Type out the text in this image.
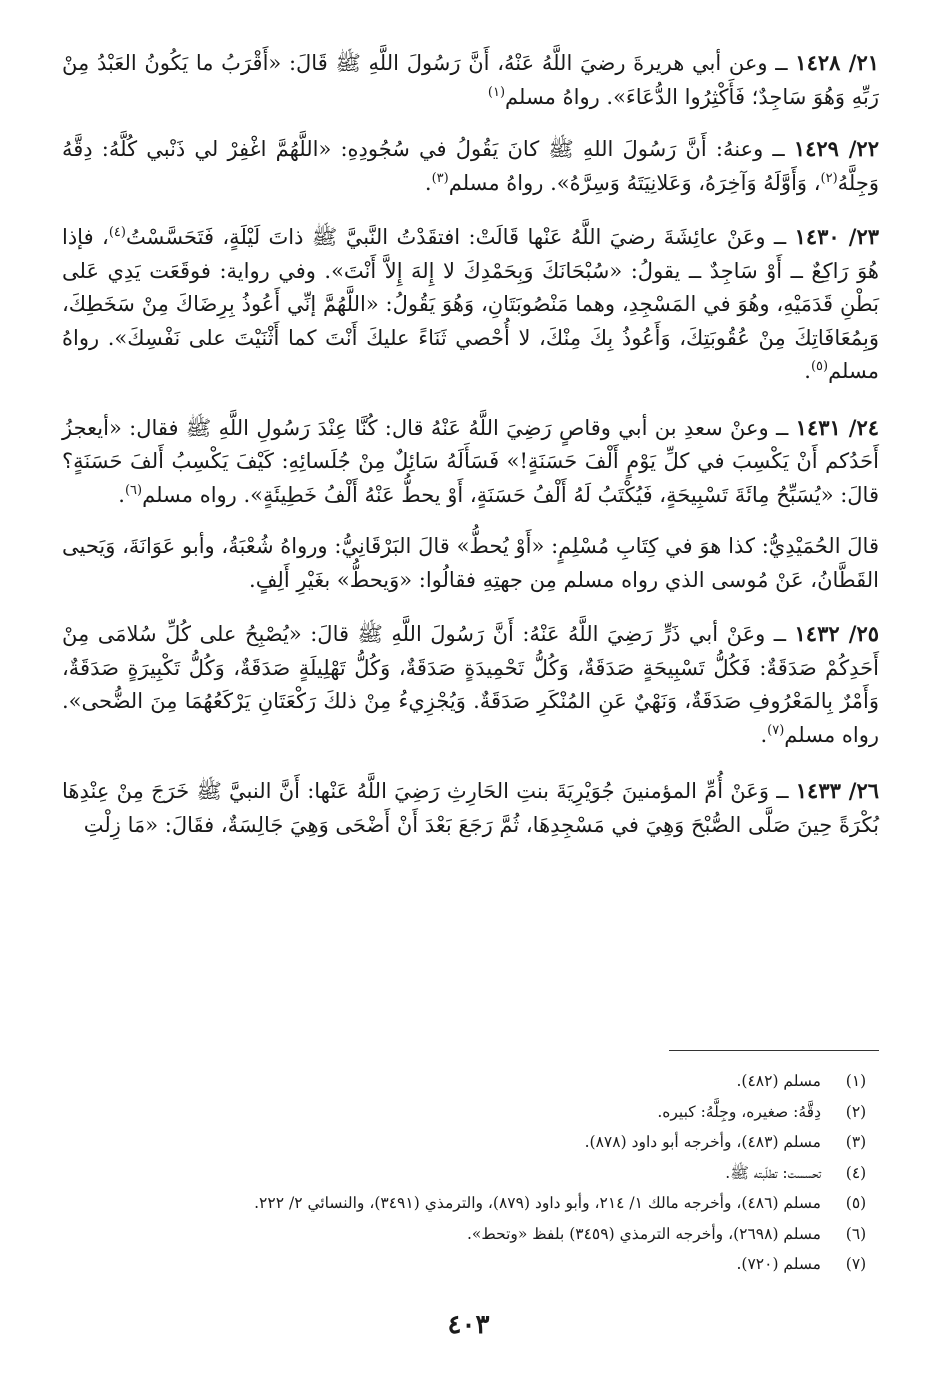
٢١/ ١٤٢٨ ــ وعن أبي هريرةَ رضيَ اللَّهُ عَنْهُ، أَنَّ رَسُولَ اللَّهِ ﷺ قَالَ: «أَقْرَبُ ما يَكُونُ العَبْدُ مِنْ رَبِّهِ وَهُوَ سَاجِدٌ؛ فَأَكْثِرُوا الدُّعَاءَ». رواهُ مسلم$^{(١)}$

٢٢/ ١٤٢٩ ــ وعنهُ: أَنَّ رَسُولَ اللهِ ﷺ كانَ يَقُولُ في سُجُودِهِ: «اللَّهُمَّ اغْفِرْ لي ذَنْبي كُلَّهُ: دِقَّهُ وَجِلَّهُ$^{(٢)}$، وَأَوَّلَهُ وَآخِرَهُ، وَعَلانِيَتَهُ وَسِرَّهُ». رواهُ مسلم$^{(٣)}$.

٢٣/ ١٤٣٠ ــ وعَنْ عائِشَةَ رضيَ اللَّهُ عَنْها قَالَتْ: افتقَدْتُ النَّبيَّ ﷺ ذاتَ لَيْلَةٍ، فَتَحَسَّسْتُ$^{(٤)}$، فإذا هُوَ رَاكِعٌ ــ أَوْ سَاجِدٌ ــ يقولُ: «سُبْحَانَكَ وَبِحَمْدِكَ لا إِلهَ إِلاَّ أَنْتَ». وفي رواية: فوقَعَت يَدِي عَلى بَطْنِ قَدَمَيْهِ، وهُوَ في المَسْجِدِ، وهما مَنْصُوبَتَانِ، وَهُوَ يَقُولُ: «اللَّهُمَّ إنِّي أَعُوذُ بِرِضَاكَ مِنْ سَخَطِكَ، وَبِمُعَافَاتِكَ مِنْ عُقُوبَتِكَ، وَأَعُوذُ بِكَ مِنْكَ، لا أُحْصي ثَنَاءً عليكَ أَنْتَ كما أَثْنَيْتَ على نَفْسِكَ». رواهُ مسلم$^{(٥)}$.

٢٤/ ١٤٣١ ــ وعنْ سعدِ بن أبي وقاصٍ رَضِيَ اللَّهُ عَنْهُ قال: كُنَّا عِنْدَ رَسُولِ اللَّهِ ﷺ فقال: «أيعجزُ أَحَدُكم أَنْ يَكْسِبَ في كلِّ يَوْمٍ أَلْفَ حَسَنَةٍ!» فَسَأَلَهُ سَائِلٌ مِنْ جُلَسائِهِ: كَيْفَ يَكْسِبُ أَلفَ حَسَنَةٍ؟ قالَ: «يُسَبِّحُ مِائَةَ تَسْبِيحَةٍ، فَيُكْتَبُ لَهُ أَلْفُ حَسَنَةٍ، أَوْ يحطُّ عَنْهُ أَلْفُ خَطِيئَةٍ». رواه مسلم$^{(٦)}$.

قالَ الحُمَيْدِيُّ: كذا هوَ في كِتَابِ مُسْلِمٍ: «أَوْ يُحطُّ» قالَ البَرْقَانِيُّ: ورواهُ شُعْبَةُ، وأبو عَوَانَةَ، وَيَحيى القَطَّانُ، عَنْ مُوسى الذي رواه مسلم مِن جهتِهِ فقالُوا: «وَيحطُّ» بغَيْرِ أَلِفٍ.

٢٥/ ١٤٣٢ ــ وعَنْ أبي ذَرٍّ رَضِيَ اللَّهُ عَنْهُ: أَنَّ رَسُولَ اللَّهِ ﷺ قالَ: «يُصْبِحُ على كُلِّ سُلامَى مِنْ أَحَدِكُمْ صَدَقَةٌ: فَكُلُّ تَسْبِيحَةٍ صَدَقَةٌ، وَكُلُّ تَحْمِيدَةٍ صَدَقَةٌ، وَكُلُّ تَهْلِيلَةٍ صَدَقَةٌ، وَكُلُّ تَكْبِيرَةٍ صَدَقَةٌ، وَأَمْرٌ بِالمَعْرُوفِ صَدَقَةٌ، وَنَهْيٌ عَنِ المُنْكَرِ صَدَقَةٌ. وَيُجْزِيءُ مِنْ ذلكَ رَكْعَتَانِ يَرْكَعُهُمَا مِنَ الضُّحى». رواه مسلم$^{(٧)}$.

٢٦/ ١٤٣٣ ــ وَعَنْ أُمِّ المؤمنينَ جُوَيْرِيَةَ بنتِ الحَارِثِ رَضِيَ اللَّهُ عَنْها: أَنَّ النبيَّ ﷺ خَرَجَ مِنْ عِنْدِهَا بُكْرَةً حِينَ صَلَّى الصُّبْحَ وَهِيَ في مَسْجِدِهَا، ثُمَّ رَجَعَ بَعْدَ أَنْ أَضْحَى وَهِيَ جَالِسَةٌ، فقَالَ: «مَا زِلْتِ

(١)
مسلم (٤٨٢).
(٢)
دِقَّهُ: صغيره، وجِلَّهُ: كبيره.
(٣)
مسلم (٤٨٣)، وأخرجه أبو داود (٨٧٨).
(٤)
تحسست: تطلّبته ﷺ.
(٥)
مسلم (٤٨٦)، وأخرجه مالك ١/ ٢١٤، وأبو داود (٨٧٩)، والترمذي (٣٤٩١)، والنسائي ٢/ ٢٢٢.
(٦)
مسلم (٢٦٩٨)، وأخرجه الترمذي (٣٤٥٩) بلفظ «وتحط».
(٧)
مسلم (٧٢٠).
٤٠٣
